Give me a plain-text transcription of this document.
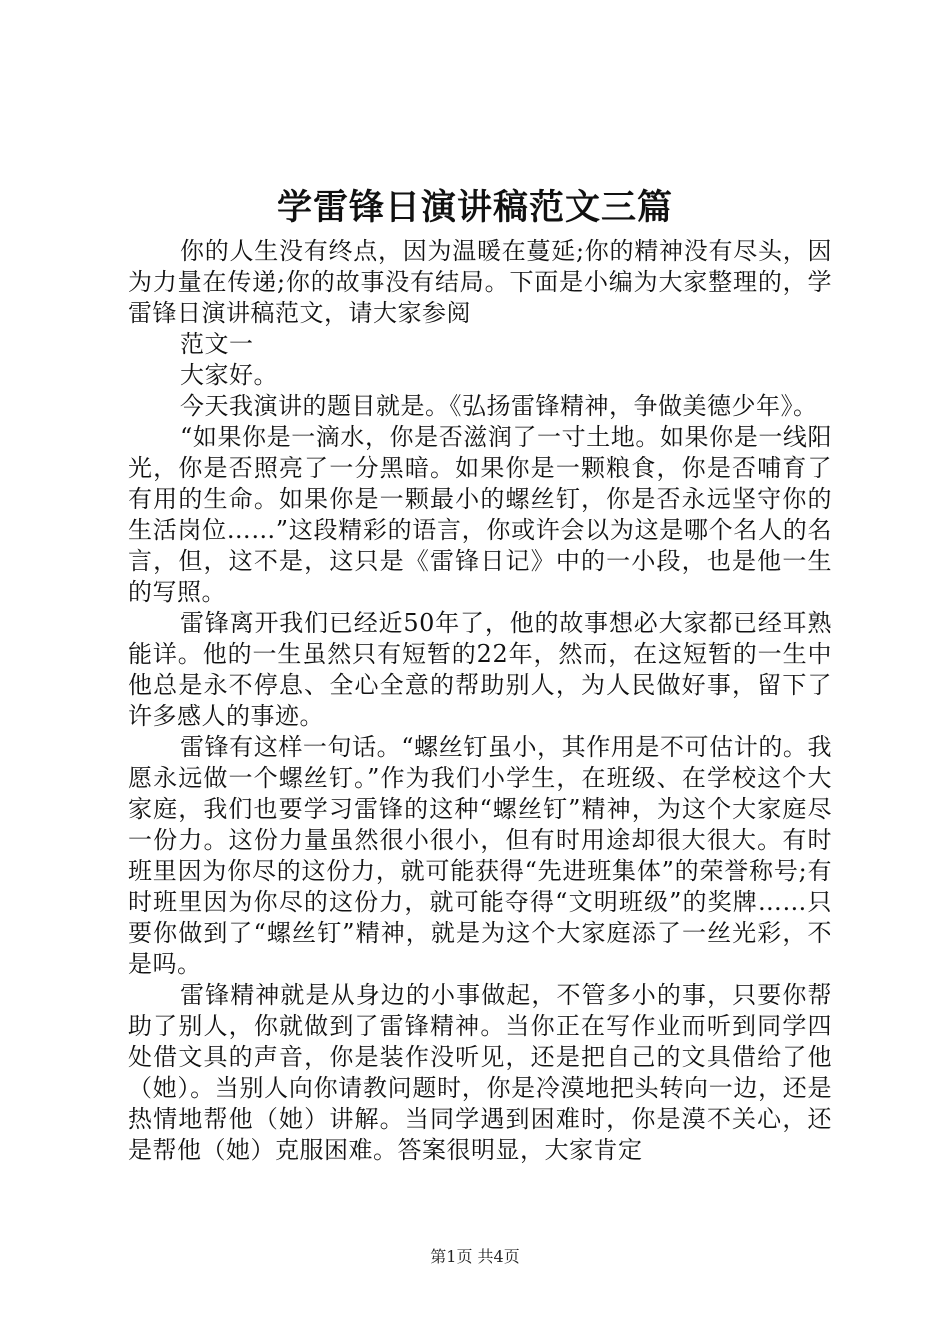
学雷锋日演讲稿范文三篇

你的人生没有终点，因为温暖在蔓延;你的精神没有尽头，因为力量在传递;你的故事没有结局。下面是小编为大家整理的，学雷锋日演讲稿范文，请大家参阅

范文一

大家好。

今天我演讲的题目就是。《弘扬雷锋精神，争做美德少年》。

“如果你是一滴水，你是否滋润了一寸土地。如果你是一线阳光，你是否照亮了一分黑暗。如果你是一颗粮食，你是否哺育了有用的生命。如果你是一颗最小的螺丝钉，你是否永远坚守你的生活岗位……”这段精彩的语言，你或许会以为这是哪个名人的名言，但，这不是，这只是《雷锋日记》中的一小段，也是他一生的写照。

雷锋离开我们已经近50年了，他的故事想必大家都已经耳熟能详。他的一生虽然只有短暂的22年，然而，在这短暂的一生中他总是永不停息、全心全意的帮助别人，为人民做好事，留下了许多感人的事迹。

雷锋有这样一句话。“螺丝钉虽小，其作用是不可估计的。我愿永远做一个螺丝钉。”作为我们小学生，在班级、在学校这个大家庭，我们也要学习雷锋的这种“螺丝钉”精神，为这个大家庭尽一份力。这份力量虽然很小很小，但有时用途却很大很大。有时班里因为你尽的这份力，就可能获得“先进班集体”的荣誉称号;有时班里因为你尽的这份力，就可能夺得“文明班级”的奖牌……只要你做到了“螺丝钉”精神，就是为这个大家庭添了一丝光彩，不是吗。

雷锋精神就是从身边的小事做起，不管多小的事，只要你帮助了别人，你就做到了雷锋精神。当你正在写作业而听到同学四处借文具的声音，你是装作没听见，还是把自己的文具借给了他（她）。当别人向你请教问题时，你是冷漠地把头转向一边，还是热情地帮他（她）讲解。当同学遇到困难时，你是漠不关心，还是帮他（她）克服困难。答案很明显，大家肯定

第1页 共4页
